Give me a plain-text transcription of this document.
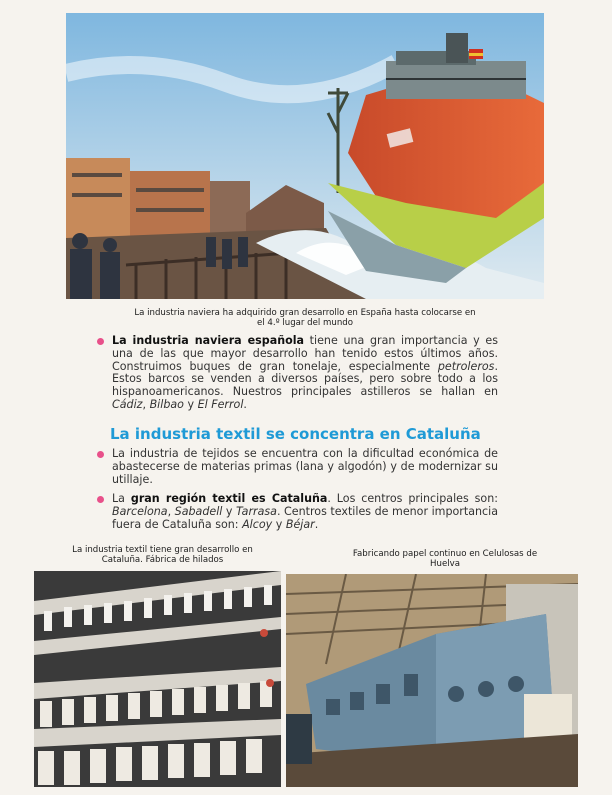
La industria naviera ha adquirido gran desarrollo en España hasta colocarse en
el 4.º lugar del mundo
La industria naviera española tiene una gran importancia y es una de las que mayor desarrollo han tenido estos últimos años. Construimos buques de gran tonelaje, especialmente petroleros. Estos barcos se venden a diversos países, pero sobre todo a los hispanoamericanos. Nuestros principales astilleros se hallan en Cádiz, Bilbao y El Ferrol.
La industria textil se concentra en Cataluña
La industria de tejidos se encuentra con la dificultad económica de abastecerse de materias primas (lana y algodón) y de modernizar su utillaje.
La gran región textil es Cataluña. Los centros principales son: Barcelona, Sabadell y Tarrasa. Centros textiles de menor importancia fuera de Cataluña son: Alcoy y Béjar.
La industria textil tiene gran desarrollo en
Cataluña. Fábrica de hilados
Fabricando papel continuo en Celulosas de
Huelva
